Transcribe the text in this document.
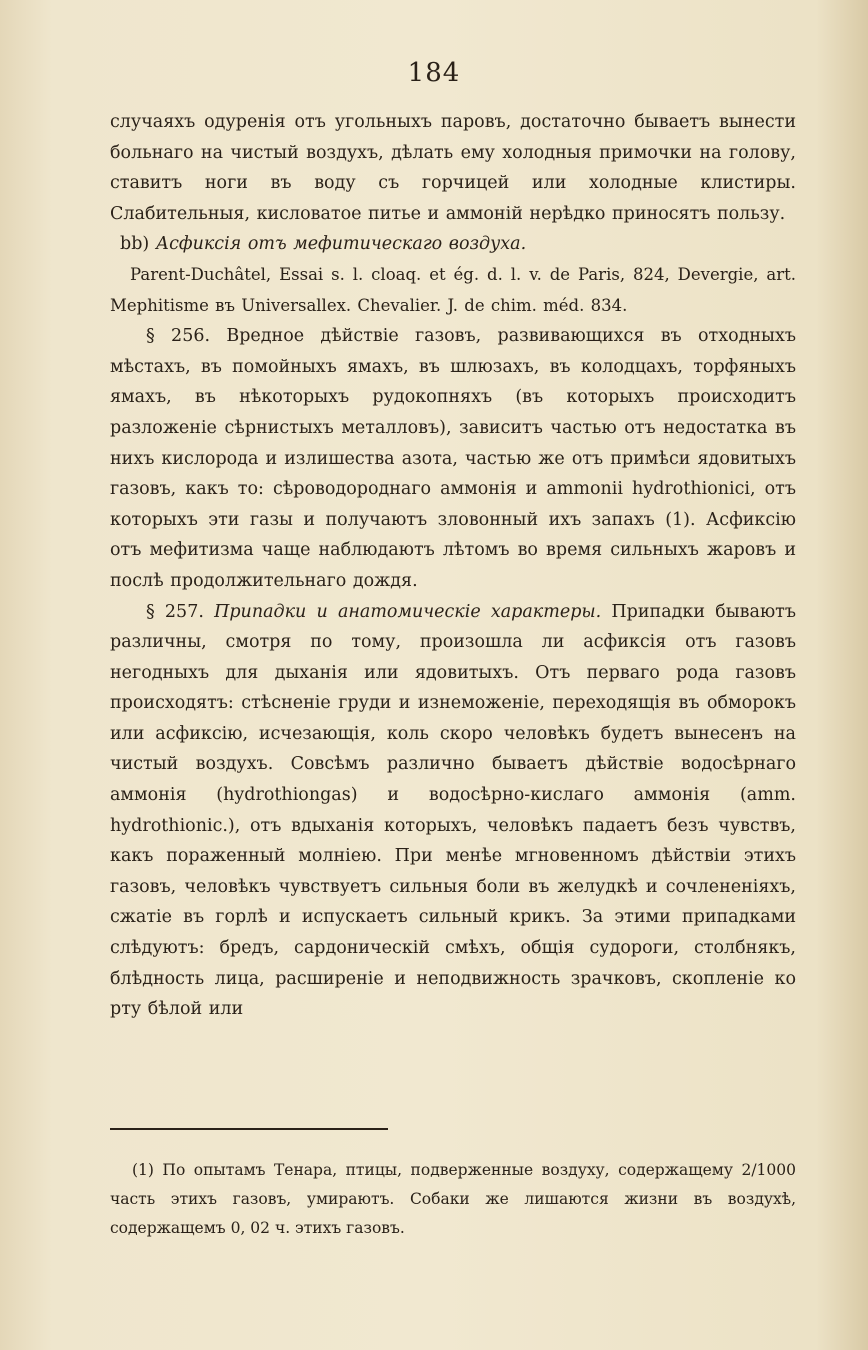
184

случаяхъ одуренія отъ угольныхъ паровъ, достаточно бываетъ вынести больнаго на чистый воздухъ, дѣлать ему холодныя примочки на голову, ставитъ ноги въ воду съ горчицей или холодные клистиры. Слабительныя, кисловатое питье и аммоній нерѣдко приносятъ пользу.

bb) Асфиксія отъ мефитическаго воздуха.

Parent-Duchâtel, Essai s. l. cloaq. et ég. d. l. v. de Paris, 824, Devergie, art. Mephitisme въ Universallex. Chevalier. J. de chim. méd. 834.

§ 256. Вредное дѣйствіе газовъ, развивающихся въ отходныхъ мѣстахъ, въ помойныхъ ямахъ, въ шлюзахъ, въ колодцахъ, торфяныхъ ямахъ, въ нѣкоторыхъ рудокопняхъ (въ которыхъ происходитъ разложеніе сѣрнистыхъ металловъ), зависитъ частью отъ недостатка въ нихъ кислорода и излишества азота, частью же отъ примѣси ядовитыхъ газовъ, какъ то: сѣроводороднаго аммонія и ammonii hydrothionici, отъ которыхъ эти газы и получаютъ зловонный ихъ запахъ (1). Асфиксію отъ мефитизма чаще наблюдаютъ лѣтомъ во время сильныхъ жаровъ и послѣ продолжительнаго дождя.

§ 257. Припадки и анатомическіе характеры. Припадки бываютъ различны, смотря по тому, произошла ли асфиксія отъ газовъ негодныхъ для дыханія или ядовитыхъ. Отъ перваго рода газовъ происходятъ: стѣсненіе груди и изнеможеніе, переходящія въ обморокъ или асфиксію, исчезающія, коль скоро человѣкъ будетъ вынесенъ на чистый воздухъ. Совсѣмъ различно бываетъ дѣйствіе водосѣрнаго аммонія (hydrothiongas) и водосѣрно-кислаго аммонія (amm. hydrothionic.), отъ вдыханія которыхъ, человѣкъ падаетъ безъ чувствъ, какъ пораженный молніею. При менѣе мгновенномъ дѣйствіи этихъ газовъ, человѣкъ чувствуетъ сильныя боли въ желудкѣ и сочлененіяхъ, сжатіе въ горлѣ и испускаетъ сильный крикъ. За этими припадками слѣдуютъ: бредъ, сардоническій смѣхъ, общія судороги, столбнякъ, блѣдность лица, расширеніе и неподвижность зрачковъ, скопленіе ко рту бѣлой или

(1) По опытамъ Тенара, птицы, подверженные воздуху, содержащему 2/1000 часть этихъ газовъ, умираютъ. Собаки же лишаются жизни въ воздухѣ, содержащемъ 0, 02 ч. этихъ газовъ.
